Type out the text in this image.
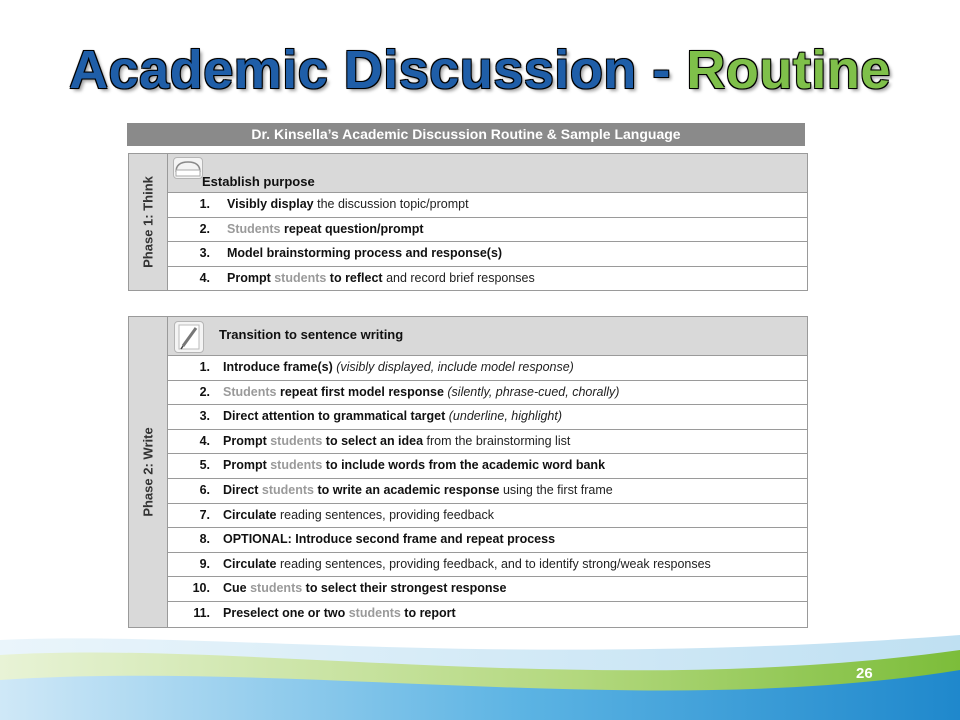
Academic Discussion - Routine
Dr. Kinsella’s Academic Discussion Routine & Sample Language
Phase 1: Think	Establish purpose
1. Visibly display the discussion topic/prompt
2. Students repeat question/prompt
3. Model brainstorming process and response(s)
4. Prompt students to reflect and record brief responses
Phase 2: Write
Transition to sentence writing
1. Introduce frame(s) (visibly displayed, include model response)
2. Students repeat first model response (silently, phrase-cued, chorally)
3. Direct attention to grammatical target (underline, highlight)
4. Prompt students to select an idea from the brainstorming list
5. Prompt students to include words from the academic word bank
6. Direct students to write an academic response using the first frame
7. Circulate reading sentences, providing feedback
8. OPTIONAL: Introduce second frame and repeat process
9. Circulate reading sentences, providing feedback, and to identify strong/weak responses
10. Cue students to select their strongest response
11. Preselect one or two students to report
26
